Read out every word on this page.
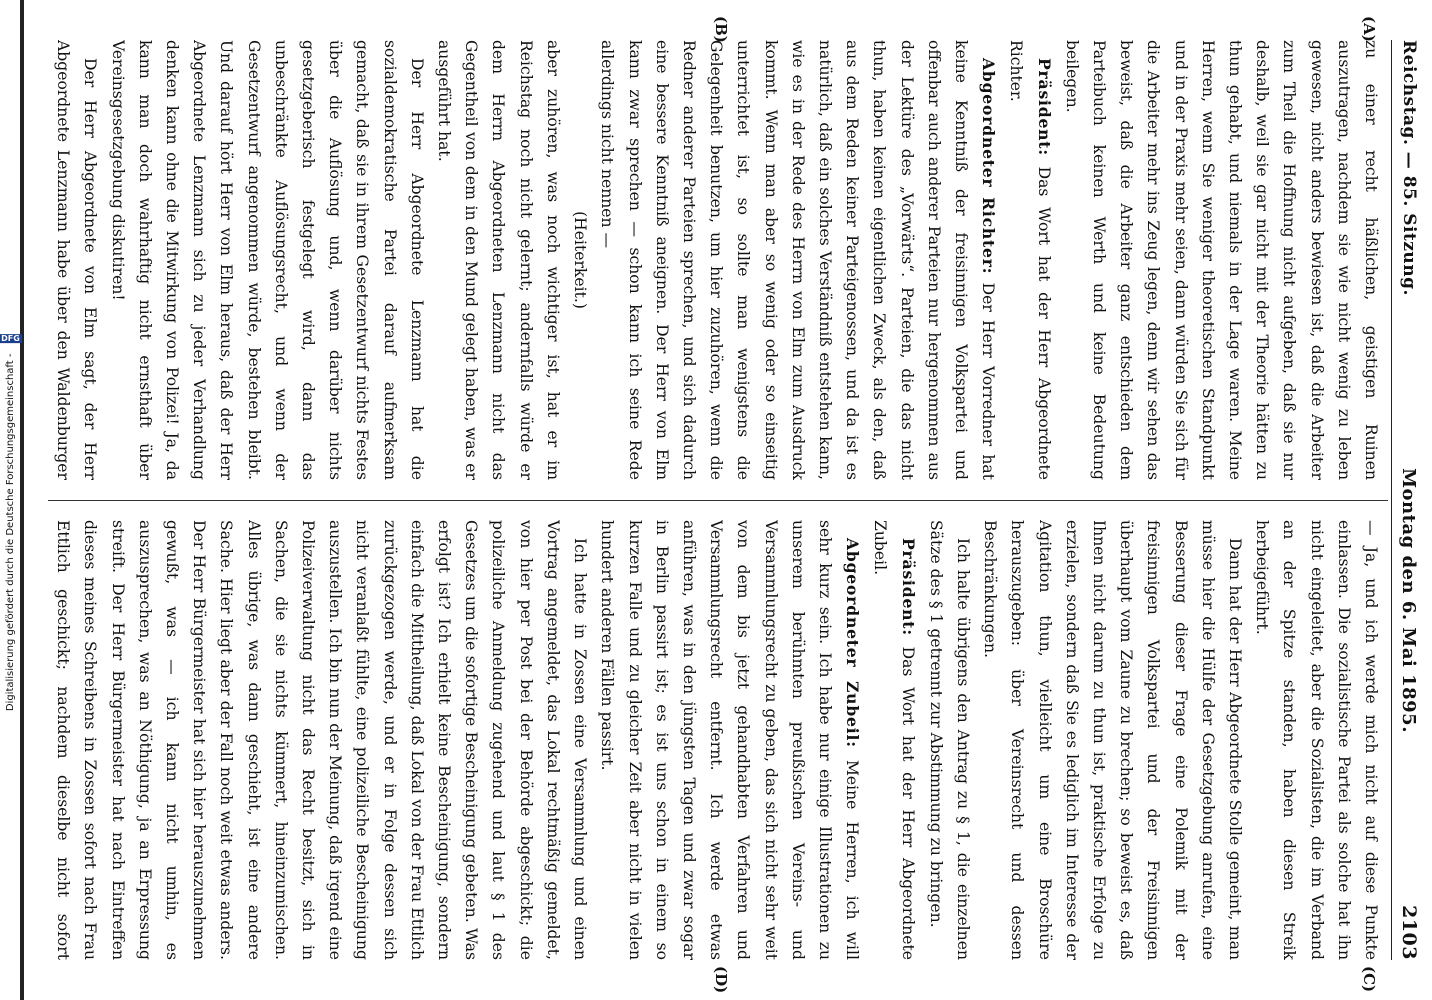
Digitalisierung gefördert durch die Deutsche Forschungsgemeinschaft -
DFG
Reichstag. — 85. Sitzung.
Montag den 6. Mai 1895.
2103
(A)
(B)
(C)
(D)

zu einer recht häßlichen, geistigen Ruinen auszutragen, nachdem sie wie nicht wenig zu leben gewesen, nicht anders bewiesen ist, daß die Arbeiter zum Theil die Hoffnung nicht aufgeben, daß sie nur deshalb, weil sie gar nicht mit der Theorie hätten zu thun gehabt, und niemals in der Lage waren. Meine Herren, wenn Sie weniger theoretischen Standpunkt und in der Praxis mehr seien, dann würden Sie sich für die Arbeiter mehr ins Zeug legen, denn wir sehen das beweist, daß die Arbeiter ganz entschieden dem Parteibuch keinen Werth und keine Bedeutung beilegen.

Präsident: Das Wort hat der Herr Abgeordnete Richter.

Abgeordneter Richter: Der Herr Vorredner hat keine Kenntniß der freisinnigen Volkspartei und offenbar auch anderer Parteien nur hergenommen aus der Lektüre des „Vorwärts“. Parteien, die das nicht thun, haben keinen eigentlichen Zweck, als den, daß aus dem Reden keiner Parteigenossen, und da ist es natürlich, daß ein solches Verständniß entstehen kann, wie es in der Rede des Herrn von Elm zum Ausdruck kommt. Wenn man aber so wenig oder so einseitig unterrichtet ist, so sollte man wenigstens die Gelegenheit benutzen, um hier zuzuhören, wenn die Redner anderer Parteien sprechen, und sich dadurch eine bessere Kenntniß aneignen. Der Herr von Elm kann zwar sprechen — schon kann ich seine Rede allerdings nicht nennen —

(Heiterkeit.)

aber zuhören, was noch wichtiger ist, hat er im Reichstag noch nicht gelernt; andernfalls würde er dem Herrn Abgeordneten Lenzmann nicht das Gegentheil von dem in den Mund gelegt haben, was er ausgeführt hat.

Der Herr Abgeordnete Lenzmann hat die sozialdemokratische Partei darauf aufmerksam gemacht, daß sie in ihrem Gesetzentwurf nichts Festes über die Auflösung und, wenn darüber nichts gesetzgeberisch festgelegt wird, dann das unbeschränkte Auflösungsrecht, und wenn der Gesetzentwurf angenommen würde, bestehen bleibt. Und darauf hört Herr von Elm heraus, daß der Herr Abgeordnete Lenzmann sich zu jeder Verhandlung denken kann ohne die Mitwirkung von Polizei! Ja, da kann man doch wahrhaftig nicht ernsthaft über Vereinsgesetzgebung diskutiren!

Der Herr Abgeordnete von Elm sagt, der Herr Abgeordnete Lenzmann habe über den Waldenburger

— Ja, und ich werde mich nicht auf diese Punkte einlassen. Die sozialistische Partei als solche hat ihn nicht eingeleitet, aber die Sozialisten, die im Verband an der Spitze standen, haben diesen Streik herbeigeführt.

Dann hat der Herr Abgeordnete Stolle gemeint, man müsse hier die Hülfe der Gesetzgebung anrufen, eine Besserung dieser Frage eine Polemik mit der freisinnigen Volkspartei und der Freisinnigen überhaupt vom Zaune zu brechen; so beweist es, daß Ihnen nicht darum zu thun ist, praktische Erfolge zu erzielen, sondern daß Sie es lediglich im Interesse der Agitation thun, vielleicht um eine Broschüre herauszugeben: über Vereinsrecht und dessen Beschränkungen.

Ich halte übrigens den Antrag zu § 1, die einzelnen Sätze des § 1 getrennt zur Abstimmung zu bringen.

Präsident: Das Wort hat der Herr Abgeordnete Zubeil.

Abgeordneter Zubeil: Meine Herren, ich will sehr kurz sein. Ich habe nur einige Illustrationen zu unserem berühmten preußischen Vereins- und Versammlungsrecht zu geben, das sich nicht sehr weit von dem bis jetzt gehandhabten Verfahren und Versammlungsrecht entfernt. Ich werde etwas anführen, was in den jüngsten Tagen und zwar sogar in Berlin passirt ist; es ist uns schon in einem so kurzen Falle und zu gleicher Zeit aber nicht in vielen hundert anderen Fällen passirt.

Ich hatte in Zossen eine Versammlung und einen Vortrag angemeldet, das Lokal rechtmäßig gemeldet, von hier per Post bei der Behörde abgeschickt; die polizeiliche Anmeldung zugehend und laut § 1 des Gesetzes um die sofortige Bescheinigung gebeten. Was erfolgt ist? Ich erhielt keine Bescheinigung, sondern einfach die Mittheilung, daß Lokal von der Frau Ettlich zurückgezogen werde, und er in Folge dessen sich nicht veranlaßt fühlte, eine polizeiliche Bescheinigung auszustellen. Ich bin nun der Meinung, daß irgend eine Polizeiverwaltung nicht das Recht besitzt, sich in Sachen, die sie nichts kümmert, hineinzumischen. Alles übrige, was dann geschieht, ist eine andere Sache. Hier liegt aber der Fall noch weit etwas anders. Der Herr Bürgermeister hat sich hier herauszunehmen gewußt, was — ich kann nicht umhin, es auszusprechen, was an Nöthigung, ja an Erpressung streift. Der Herr Bürgermeister hat nach Eintreffen dieses meines Schreibens in Zossen sofort nach Frau Ettlich geschickt; nachdem dieselbe nicht sofort
